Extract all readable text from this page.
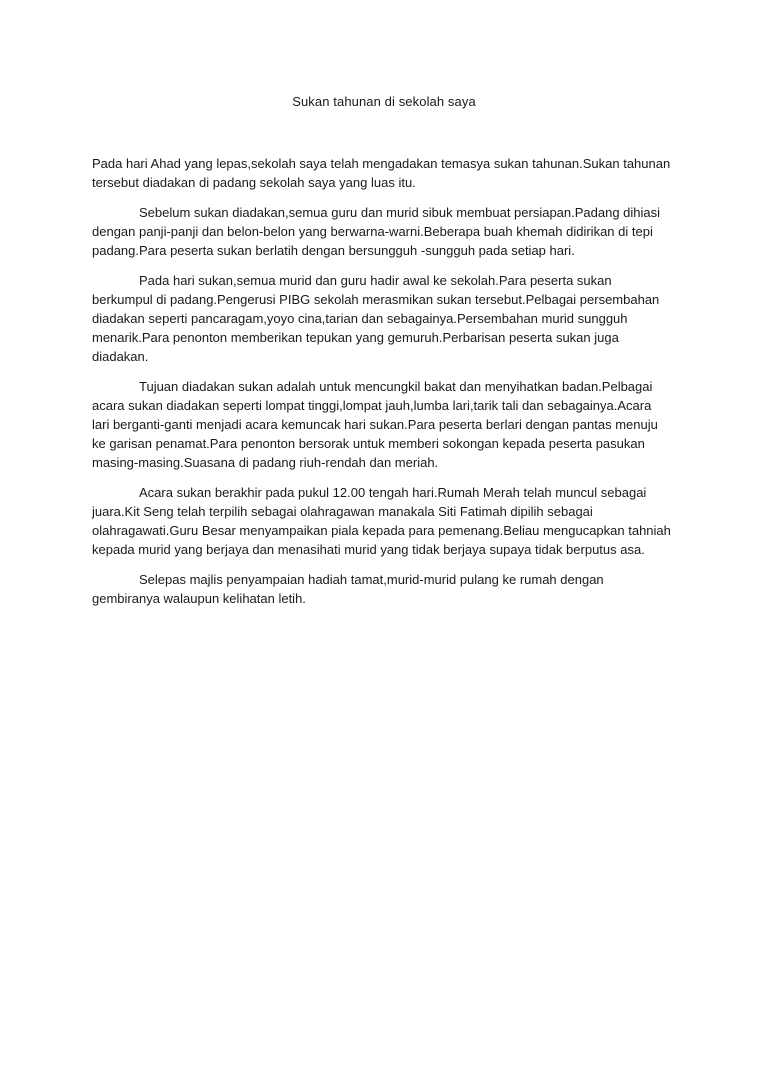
Sukan tahunan di sekolah saya

Pada hari Ahad yang lepas,sekolah saya telah mengadakan temasya sukan tahunan.Sukan tahunan tersebut diadakan di padang sekolah saya yang luas itu.

Sebelum sukan diadakan,semua guru dan murid sibuk membuat persiapan.Padang dihiasi dengan panji-panji dan belon-belon yang berwarna-warni.Beberapa buah khemah didirikan di tepi padang.Para peserta sukan berlatih dengan bersungguh -sungguh pada setiap hari.

Pada hari sukan,semua murid dan guru hadir awal ke sekolah.Para peserta sukan berkumpul di padang.Pengerusi PIBG sekolah merasmikan sukan tersebut.Pelbagai persembahan diadakan seperti pancaragam,yoyo cina,tarian dan sebagainya.Persembahan murid sungguh menarik.Para penonton memberikan tepukan yang gemuruh.Perbarisan peserta sukan juga diadakan.

Tujuan diadakan sukan adalah untuk mencungkil bakat dan menyihatkan badan.Pelbagai acara sukan diadakan seperti lompat tinggi,lompat jauh,lumba lari,tarik tali dan sebagainya.Acara lari berganti-ganti menjadi acara kemuncak hari sukan.Para peserta berlari dengan pantas menuju ke garisan penamat.Para penonton bersorak untuk memberi sokongan kepada peserta pasukan masing-masing.Suasana di padang riuh-rendah dan meriah.

Acara sukan berakhir pada pukul 12.00 tengah hari.Rumah Merah telah muncul sebagai juara.Kit Seng telah terpilih sebagai olahragawan manakala Siti Fatimah dipilih sebagai olahragawati.Guru Besar menyampaikan piala kepada para pemenang.Beliau mengucapkan tahniah kepada murid yang berjaya dan menasihati murid yang tidak berjaya supaya tidak berputus asa.

Selepas majlis penyampaian hadiah tamat,murid-murid pulang ke rumah dengan gembiranya walaupun kelihatan letih.
